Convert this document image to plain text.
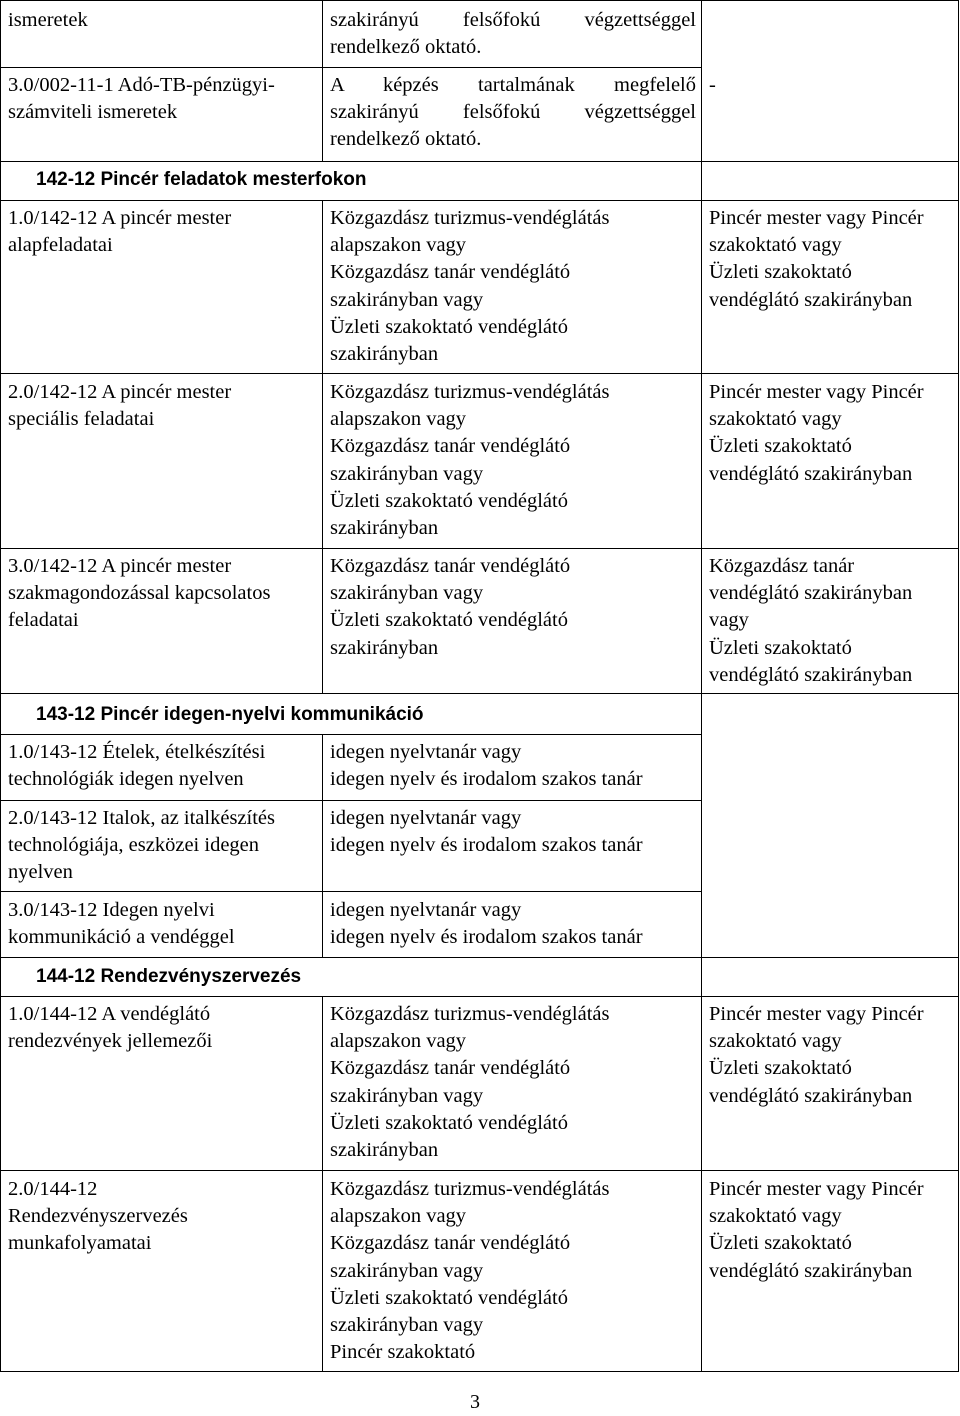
ismeretek	szakirányú felsőfokú végzettséggel
rendelkező oktató.
3.0/002-11-1 Adó-TB-pénzügyi-
számviteli ismeretek
A képzés tartalmának megfelelő
szakirányú felsőfokú végzettséggel
rendelkező oktató.
-
142-12 Pincér feladatok mesterfokon
1.0/142-12 A pincér mester
alapfeladatai
Közgazdász turizmus-vendéglátás
alapszakon vagy
Közgazdász tanár vendéglátó
szakirányban vagy
Üzleti szakoktató vendéglátó
szakirányban
Pincér mester vagy Pincér
szakoktató vagy
Üzleti szakoktató
vendéglátó szakirányban
2.0/142-12 A pincér mester
speciális feladatai
Közgazdász turizmus-vendéglátás
alapszakon vagy
Közgazdász tanár vendéglátó
szakirányban vagy
Üzleti szakoktató vendéglátó
szakirányban
Pincér mester vagy Pincér
szakoktató vagy
Üzleti szakoktató
vendéglátó szakirányban
3.0/142-12 A pincér mester
szakmagondozással kapcsolatos
feladatai
Közgazdász tanár vendéglátó
szakirányban vagy
Üzleti szakoktató vendéglátó
szakirányban
Közgazdász tanár
vendéglátó szakirányban
vagy
Üzleti szakoktató
vendéglátó szakirányban
143-12 Pincér idegen-nyelvi kommunikáció
1.0/143-12 Ételek, ételkészítési
technológiák idegen nyelven
idegen nyelvtanár vagy
idegen nyelv és irodalom szakos tanár
2.0/143-12 Italok, az italkészítés
technológiája, eszközei idegen
nyelven
idegen nyelvtanár vagy
idegen nyelv és irodalom szakos tanár
3.0/143-12 Idegen nyelvi
kommunikáció a vendéggel
idegen nyelvtanár vagy
idegen nyelv és irodalom szakos tanár
144-12 Rendezvényszervezés
1.0/144-12 A vendéglátó
rendezvények jellemezői
Közgazdász turizmus-vendéglátás
alapszakon vagy
Közgazdász tanár vendéglátó
szakirányban vagy
Üzleti szakoktató vendéglátó
szakirányban
Pincér mester vagy Pincér
szakoktató vagy
Üzleti szakoktató
vendéglátó szakirányban
2.0/144-12
Rendezvényszervezés
munkafolyamatai
Közgazdász turizmus-vendéglátás
alapszakon vagy
Közgazdász tanár vendéglátó
szakirányban vagy
Üzleti szakoktató vendéglátó
szakirányban vagy
Pincér szakoktató
Pincér mester vagy Pincér
szakoktató vagy
Üzleti szakoktató
vendéglátó szakirányban
3
